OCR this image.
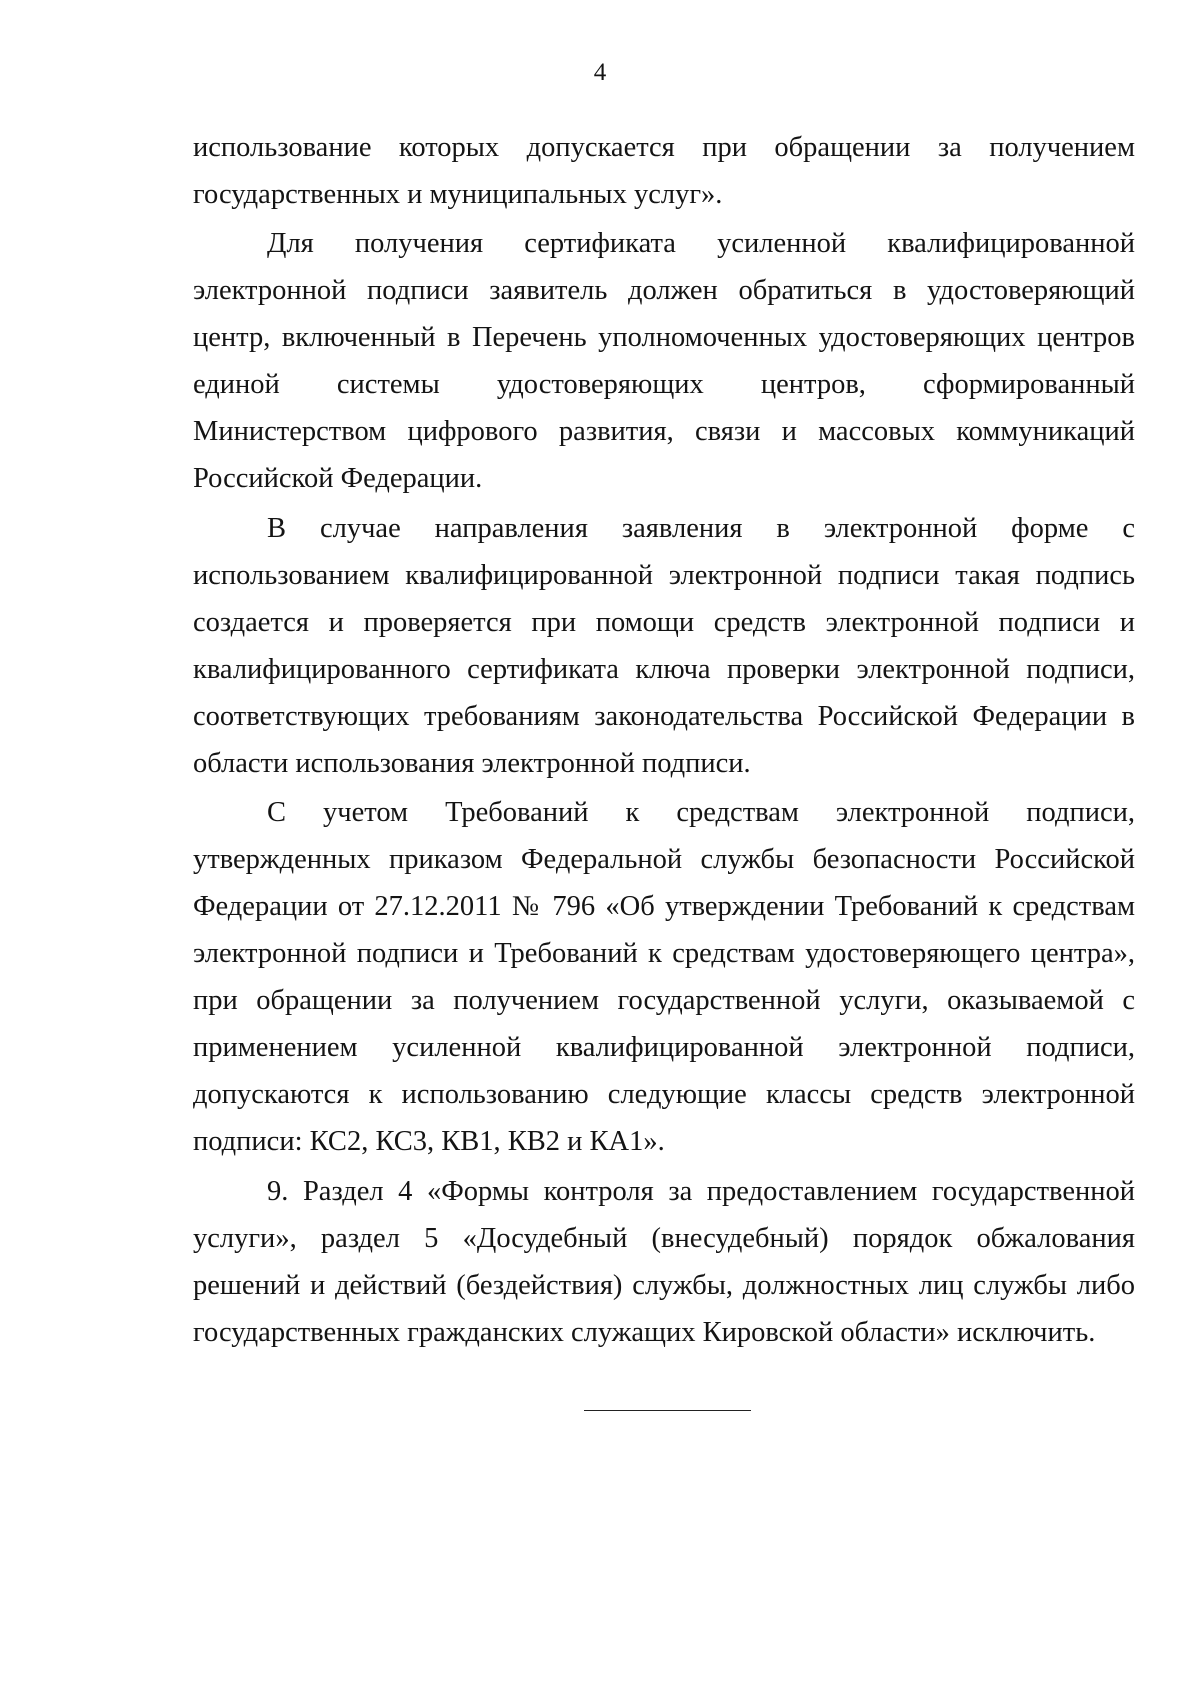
4

использование которых допускается при обращении за получением государственных и муниципальных услуг».

Для получения сертификата усиленной квалифицированной электронной подписи заявитель должен обратиться в удостоверяющий центр, включенный в Перечень уполномоченных удостоверяющих центров единой системы удостоверяющих центров, сформированный Министерством цифрового развития, связи и массовых коммуникаций Российской Федерации.

В случае направления заявления в электронной форме с использованием квалифицированной электронной подписи такая подпись создается и проверяется при помощи средств электронной подписи и квалифицированного сертификата ключа проверки электронной подписи, соответствующих требованиям законодательства Российской Федерации в области использования электронной подписи.

С учетом Требований к средствам электронной подписи, утвержденных приказом Федеральной службы безопасности Российской Федерации от 27.12.2011 № 796 «Об утверждении Требований к средствам электронной подписи и Требований к средствам удостоверяющего центра», при обращении за получением государственной услуги, оказываемой с применением усиленной квалифицированной электронной подписи, допускаются к использованию следующие классы средств электронной подписи: КС2, КС3, КВ1, КВ2 и КА1».

9. Раздел 4 «Формы контроля за предоставлением государственной услуги», раздел 5 «Досудебный (внесудебный) порядок обжалования решений и действий (бездействия) службы, должностных лиц службы либо государственных гражданских служащих Кировской области» исключить.
